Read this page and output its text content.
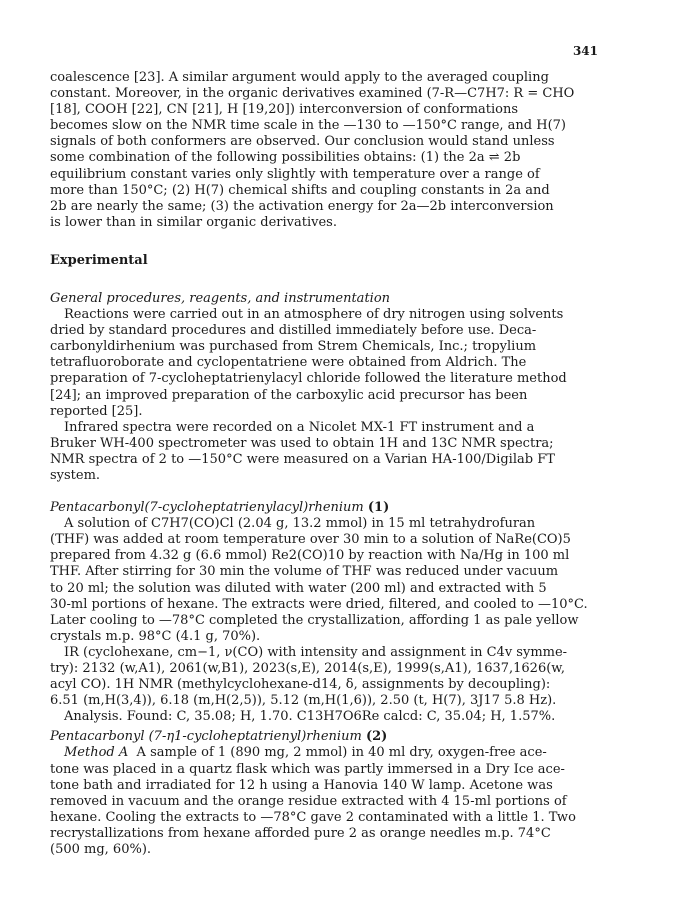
341
coalescence [23]. A similar argument would apply to the averaged coupling
constant. Moreover, in the organic derivatives examined (7-R—C7H7: R = CHO
[18], COOH [22], CN [21], H [19,20]) interconversion of conformations
becomes slow on the NMR time scale in the —130 to —150°C range, and H(7)
signals of both conformers are observed. Our conclusion would stand unless
some combination of the following possibilities obtains: (1) the 2a ⇌ 2b
equilibrium constant varies only slightly with temperature over a range of
more than 150°C; (2) H(7) chemical shifts and coupling constants in 2a and
2b are nearly the same; (3) the activation energy for 2a—2b interconversion
is lower than in similar organic derivatives.
Experimental
General procedures, reagents, and instrumentation
Reactions were carried out in an atmosphere of dry nitrogen using solvents
dried by standard procedures and distilled immediately before use. Deca-
carbonyldirhenium was purchased from Strem Chemicals, Inc.; tropylium
tetrafluoroborate and cyclopentatriene were obtained from Aldrich. The
preparation of 7-cycloheptatrienylacyl chloride followed the literature method
[24]; an improved preparation of the carboxylic acid precursor has been
reported [25].
Infrared spectra were recorded on a Nicolet MX-1 FT instrument and a
Bruker WH-400 spectrometer was used to obtain 1H and 13C NMR spectra;
NMR spectra of 2 to —150°C were measured on a Varian HA-100/Digilab FT
system.
Pentacarbonyl(7-cycloheptatrienylacyl)rhenium (1)
A solution of C7H7(CO)Cl (2.04 g, 13.2 mmol) in 15 ml tetrahydrofuran
(THF) was added at room temperature over 30 min to a solution of NaRe(CO)5
prepared from 4.32 g (6.6 mmol) Re2(CO)10 by reaction with Na/Hg in 100 ml
THF. After stirring for 30 min the volume of THF was reduced under vacuum
to 20 ml; the solution was diluted with water (200 ml) and extracted with 5
30-ml portions of hexane. The extracts were dried, filtered, and cooled to —10°C.
Later cooling to —78°C completed the crystallization, affording 1 as pale yellow
crystals m.p. 98°C (4.1 g, 70%).
IR (cyclohexane, cm−1, ν(CO) with intensity and assignment in C4v symme-
try): 2132 (w,A1), 2061(w,B1), 2023(s,E), 2014(s,E), 1999(s,A1), 1637,1626(w,
acyl CO). 1H NMR (methylcyclohexane-d14, δ, assignments by decoupling):
6.51 (m,H(3,4)), 6.18 (m,H(2,5)), 5.12 (m,H(1,6)), 2.50 (t, H(7), 3J17 5.8 Hz).
Analysis. Found: C, 35.08; H, 1.70. C13H7O6Re calcd: C, 35.04; H, 1.57%.
Pentacarbonyl (7-η1-cycloheptatrienyl)rhenium (2)
Method A A sample of 1 (890 mg, 2 mmol) in 40 ml dry, oxygen-free ace-
tone was placed in a quartz flask which was partly immersed in a Dry Ice ace-
tone bath and irradiated for 12 h using a Hanovia 140 W lamp. Acetone was
removed in vacuum and the orange residue extracted with 4 15-ml portions of
hexane. Cooling the extracts to —78°C gave 2 contaminated with a little 1. Two
recrystallizations from hexane afforded pure 2 as orange needles m.p. 74°C
(500 mg, 60%).
